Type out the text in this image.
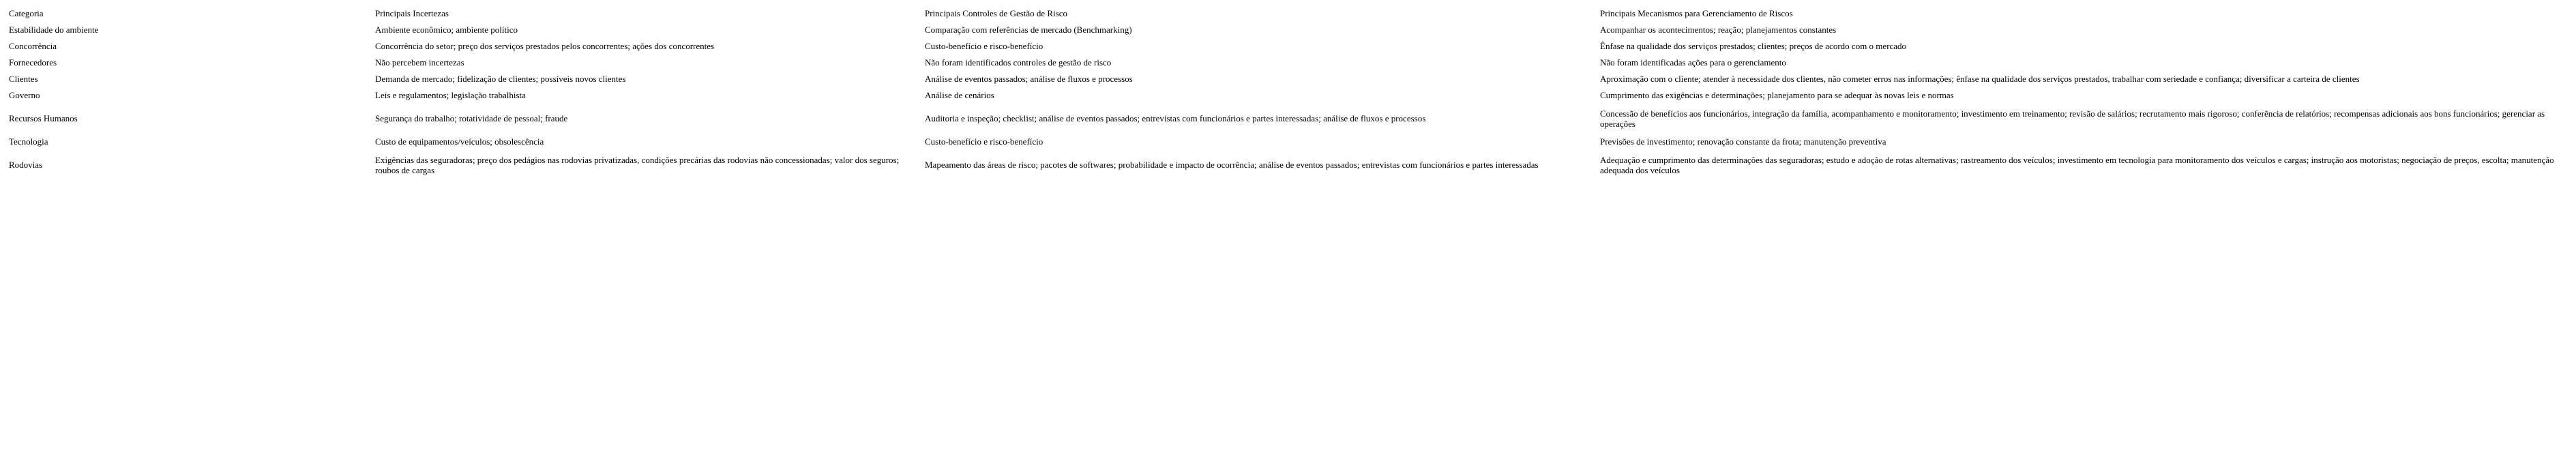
Categoria	Principais Incertezas	Principais Controles de Gestão de Risco	Principais Mecanismos para Gerenciamento de Riscos
Estabilidade do ambiente	Ambiente econômico; ambiente político	Comparação com referências de mercado (Benchmarking)	Acompanhar os acontecimentos; reação; planejamentos constantes
Concorrência	Concorrência do setor; preço dos serviços prestados pelos concorrentes; ações dos concorrentes	Custo-benefício e risco-benefício	Ênfase na qualidade dos serviços prestados; clientes; preços de acordo com o mercado
Fornecedores	Não percebem incertezas	Não foram identificados controles de gestão de risco	Não foram identificadas ações para o gerenciamento
Clientes	Demanda de mercado; fidelização de clientes; possíveis novos clientes	Análise de eventos passados; análise de fluxos e processos	Aproximação com o cliente; atender à necessidade dos clientes, não cometer erros nas informações; ênfase na qualidade dos serviços prestados, trabalhar com seriedade e confiança; diversificar a carteira de clientes
Governo	Leis e regulamentos; legislação trabalhista	Análise de cenários	Cumprimento das exigências e determinações; planejamento para se adequar às novas leis e normas
Recursos Humanos	Segurança do trabalho; rotatividade de pessoal; fraude	Auditoria e inspeção; checklist; análise de eventos passados; entrevistas com funcionários e partes interessadas; análise de fluxos e processos	Concessão de benefícios aos funcionários, integração da família, acompanhamento e monitoramento; investimento em treinamento; revisão de salários; recrutamento mais rigoroso; conferência de relatórios; recompensas adicionais aos bons funcionários; gerenciar as operações
Tecnologia	Custo de equipamentos/veículos; obsolescência	Custo-benefício e risco-benefício	Previsões de investimento; renovação constante da frota; manutenção preventiva
Rodovias	Exigências das seguradoras; preço dos pedágios nas rodovias privatizadas, condições precárias das rodovias não concessionadas; valor dos seguros; roubos de cargas	Mapeamento das áreas de risco; pacotes de softwares; probabilidade e impacto de ocorrência; análise de eventos passados; entrevistas com funcionários e partes interessadas	Adequação e cumprimento das determinações das seguradoras; estudo e adoção de rotas alternativas; rastreamento dos veículos; investimento em tecnologia para monitoramento dos veículos e cargas; instrução aos motoristas; negociação de preços, escolta; manutenção adequada dos veículos
